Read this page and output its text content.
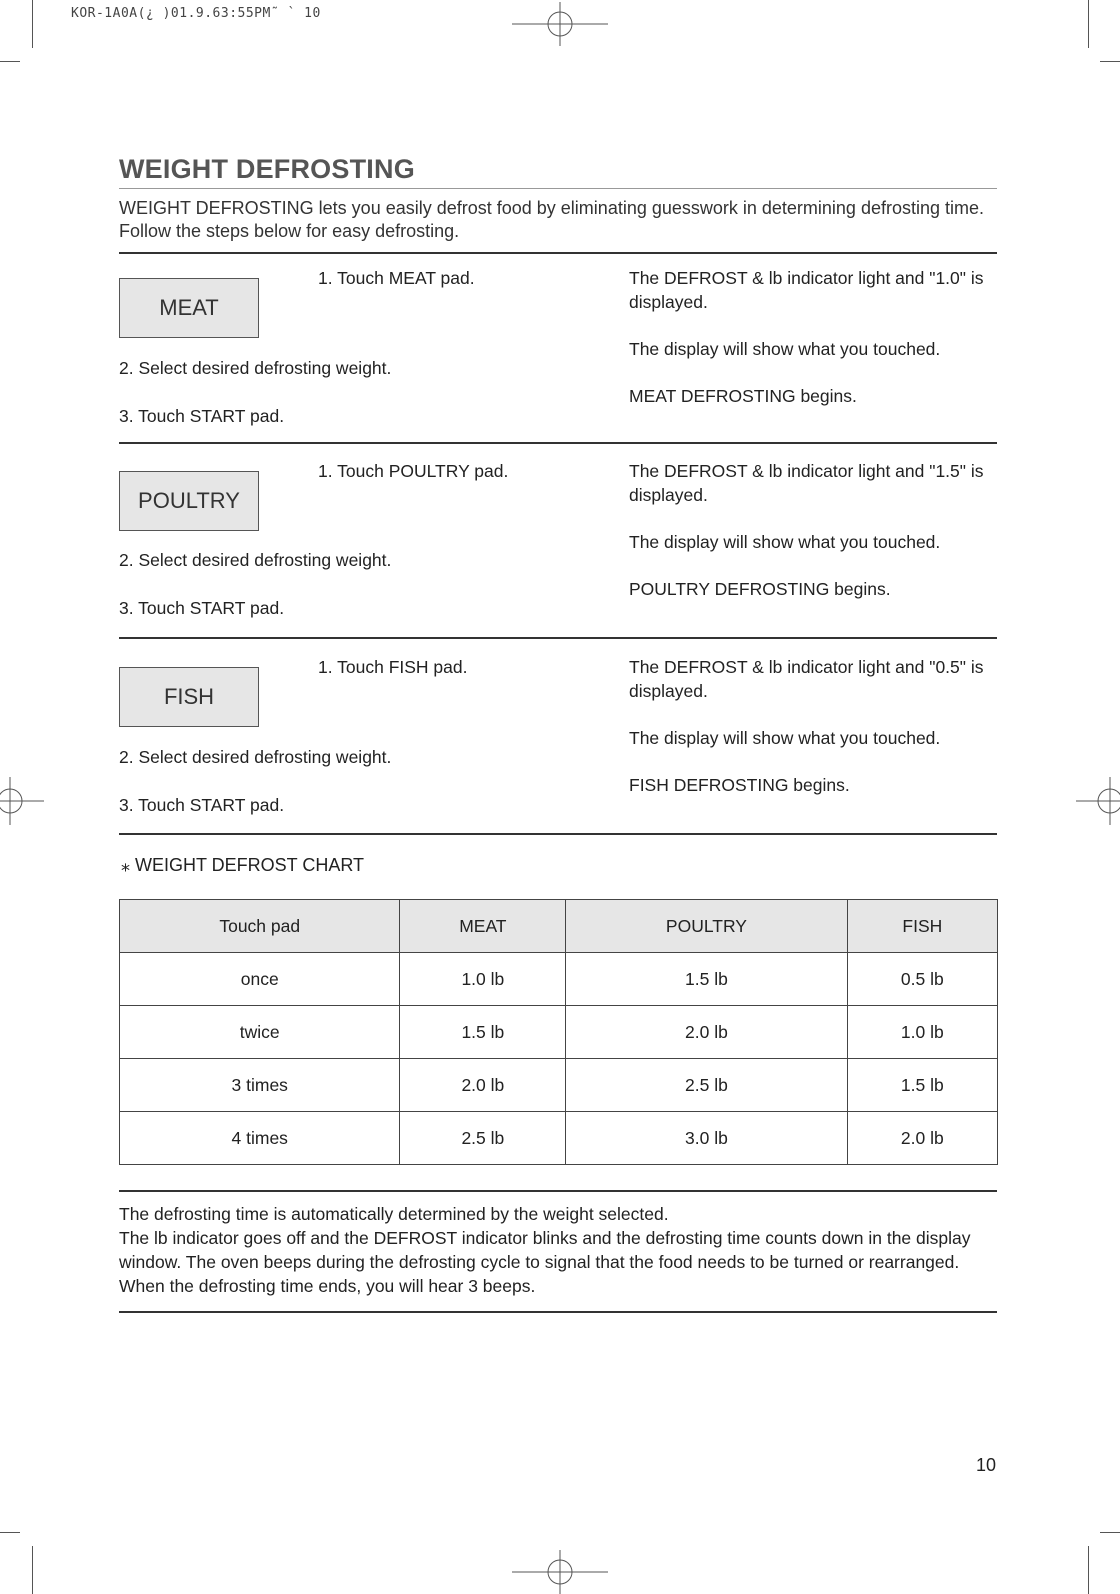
KOR-1A0A(¿ )01.9.63:55PM˜ ` 10
WEIGHT DEFROSTING
WEIGHT DEFROSTING lets you easily defrost food by eliminating guesswork in determining defrosting time. Follow the steps below for easy defrosting.
MEAT
1. Touch MEAT pad.
2. Select desired defrosting weight.
3. Touch START pad.

The DEFROST & lb indicator light and "1.0" is displayed.

The display will show what you touched.

MEAT DEFROSTING begins.

POULTRY
1. Touch POULTRY pad.
2. Select desired defrosting weight.
3. Touch START pad.

The DEFROST & lb indicator light and "1.5" is displayed.

The display will show what you touched.

POULTRY DEFROSTING begins.

FISH
1. Touch FISH pad.
2. Select desired defrosting weight.
3. Touch START pad.

The DEFROST & lb indicator light and "0.5" is displayed.

The display will show what you touched.

FISH DEFROSTING begins.

⁎ WEIGHT DEFROST CHART
Touch pad	MEAT	POULTRY	FISH
once	1.0 lb	1.5 lb	0.5 lb
twice	1.5 lb	2.0 lb	1.0 lb
3 times	2.0 lb	2.5 lb	1.5 lb
4 times	2.5 lb	3.0 lb	2.0 lb

The defrosting time is automatically determined by the weight selected.

The lb indicator goes off and the DEFROST indicator blinks and the defrosting time counts down in the display window. The oven beeps during the defrosting cycle to signal that the food needs to be turned or rearranged. When the defrosting time ends, you will hear 3 beeps.

10
